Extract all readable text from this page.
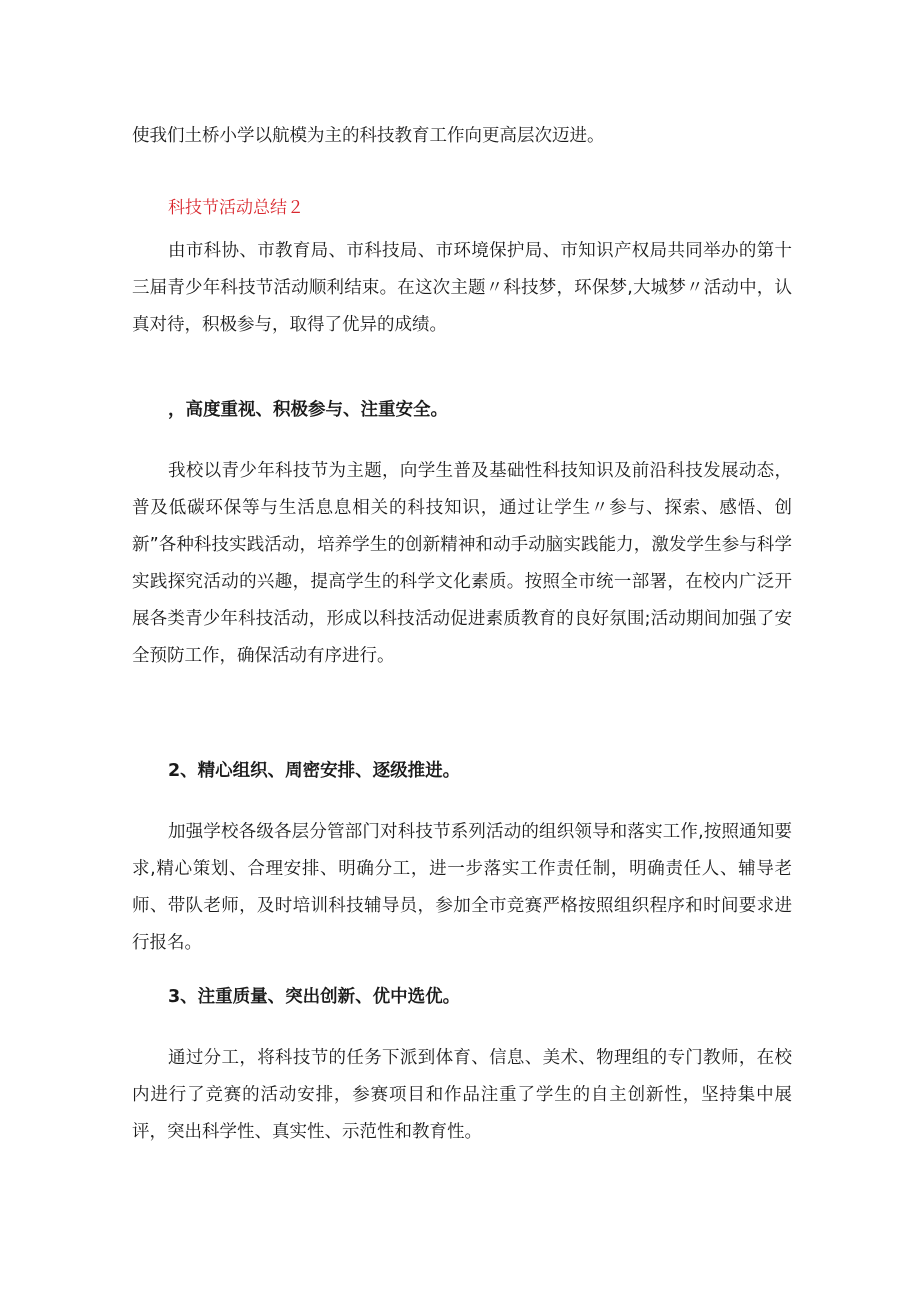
使我们土桥小学以航模为主的科技教育工作向更高层次迈进。

科技节活动总结２

由市科协、市教育局、市科技局、市环境保护局、市知识产权局共同举办的第十三届青少年科技节活动顺利结束。在这次主题〃科技梦，环保梦,大城梦〃活动中，认真对待，积极参与，取得了优异的成绩。

，高度重视、积极参与、注重安全。

我校以青少年科技节为主题，向学生普及基础性科技知识及前沿科技发展动态，普及低碳环保等与生活息息相关的科技知识，通过让学生〃参与、探索、感悟、创新”各种科技实践活动，培养学生的创新精神和动手动脑实践能力，激发学生参与科学实践探究活动的兴趣，提高学生的科学文化素质。按照全市统一部署，在校内广泛开展各类青少年科技活动，形成以科技活动促进素质教育的良好氛围;活动期间加强了安全预防工作，确保活动有序进行。

2、精心组织、周密安排、逐级推进。

加强学校各级各层分管部门对科技节系列活动的组织领导和落实工作,按照通知要求,精心策划、合理安排、明确分工，进一步落实工作责任制，明确责任人、辅导老师、带队老师，及时培训科技辅导员，参加全市竞赛严格按照组织程序和时间要求进行报名。

3、注重质量、突出创新、优中选优。

通过分工，将科技节的任务下派到体育、信息、美术、物理组的专门教师，在校内进行了竞赛的活动安排，参赛项目和作品注重了学生的自主创新性，坚持集中展评，突出科学性、真实性、示范性和教育性。
